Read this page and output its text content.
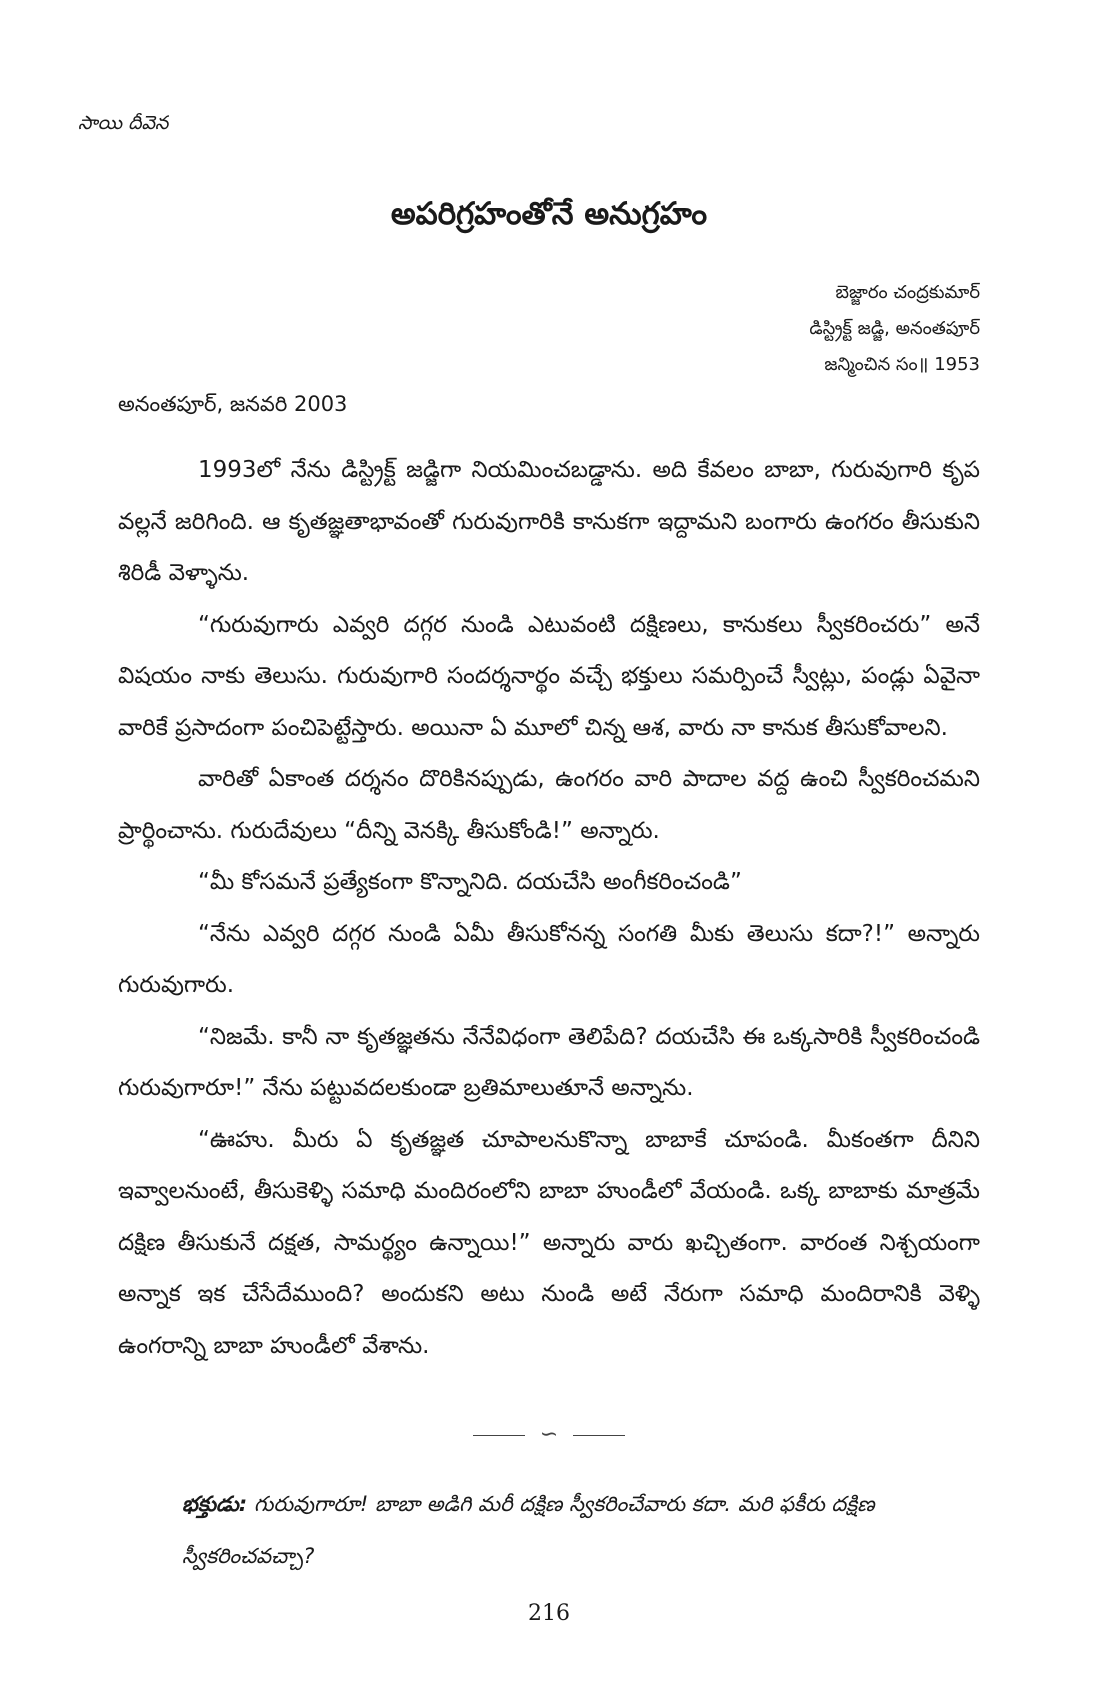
సాయి దీవెన
అపరిగ్రహంతోనే అనుగ్రహం
బెజ్జారం చంద్రకుమార్
డిస్ట్రిక్ట్ జడ్జి, అనంతపూర్
జన్మించిన సం॥ 1953
అనంతపూర్, జనవరి 2003

1993లో నేను డిస్ట్రిక్ట్ జడ్జిగా నియమించబడ్డాను. అది కేవలం బాబా, గురువుగారి కృప వల్లనే జరిగింది. ఆ కృతజ్ఞతాభావంతో గురువుగారికి కానుకగా ఇద్దామని బంగారు ఉంగరం తీసుకుని శిరిడీ వెళ్ళాను.

“గురువుగారు ఎవ్వరి దగ్గర నుండి ఎటువంటి దక్షిణలు, కానుకలు స్వీకరించరు” అనే విషయం నాకు తెలుసు. గురువుగారి సందర్శనార్థం వచ్చే భక్తులు సమర్పించే స్వీట్లు, పండ్లు ఏవైనా వారికే ప్రసాదంగా పంచిపెట్టేస్తారు. అయినా ఏ మూలో చిన్న ఆశ, వారు నా కానుక తీసుకోవాలని.

వారితో ఏకాంత దర్శనం దొరికినప్పుడు, ఉంగరం వారి పాదాల వద్ద ఉంచి స్వీకరించమని ప్రార్థించాను. గురుదేవులు “దీన్ని వెనక్కి తీసుకోండి!” అన్నారు.

“మీ కోసమనే ప్రత్యేకంగా కొన్నానిది. దయచేసి అంగీకరించండి”

“నేను ఎవ్వరి దగ్గర నుండి ఏమీ తీసుకోనన్న సంగతి మీకు తెలుసు కదా?!” అన్నారు గురువుగారు.

“నిజమే. కానీ నా కృతజ్ఞతను నేనేవిధంగా తెలిపేది? దయచేసి ఈ ఒక్కసారికి స్వీకరించండి గురువుగారూ!” నేను పట్టువదలకుండా బ్రతిమాలుతూనే అన్నాను.

“ఊహు. మీరు ఏ కృతజ్ఞత చూపాలనుకొన్నా బాబాకే చూపండి. మీకంతగా దీనిని ఇవ్వాలనుంటే, తీసుకెళ్ళి సమాధి మందిరంలోని బాబా హుండీలో వేయండి. ఒక్క బాబాకు మాత్రమే దక్షిణ తీసుకునే దక్షత, సామర్థ్యం ఉన్నాయి!” అన్నారు వారు ఖచ్చితంగా. వారంత నిశ్చయంగా అన్నాక ఇక చేసేదేముంది? అందుకని అటు నుండి అటే నేరుగా సమాధి మందిరానికి వెళ్ళి ఉంగరాన్ని బాబా హుండీలో వేశాను.

∽
భక్తుడు: గురువుగారూ! బాబా అడిగి మరీ దక్షిణ స్వీకరించేవారు కదా. మరి ఫకీరు దక్షిణ స్వీకరించవచ్చా?
216
